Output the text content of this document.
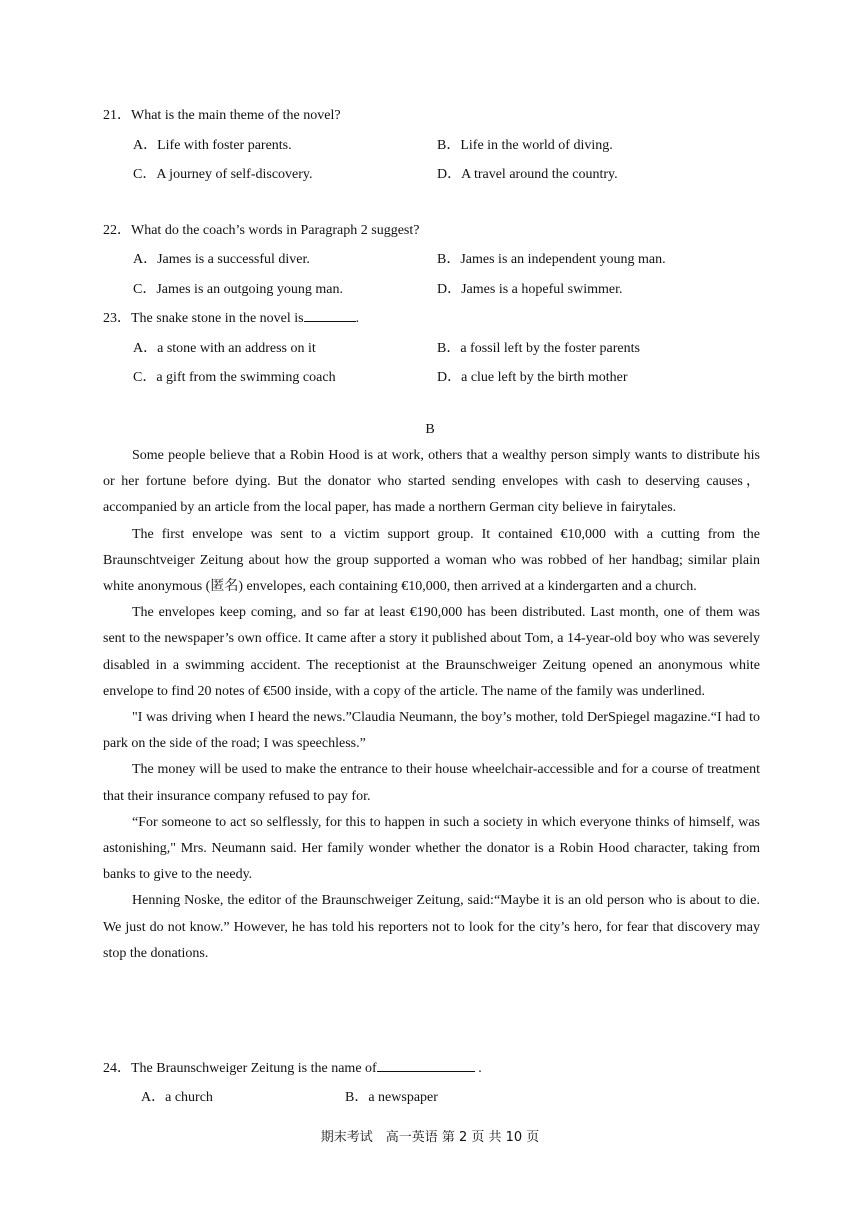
21．What is the main theme of the novel?
A．Life with foster parents.	B．Life in the world of diving.
C．A journey of self-discovery.	D．A travel around the country.
22．What do the coach’s words in Paragraph 2 suggest?
A．James is a successful diver.	B．James is an independent young man.
C．James is an outgoing young man.	D．James is a hopeful swimmer.
23．The snake stone in the novel is	.
A．a stone with an address on it	B．a fossil left by the foster parents
C．a gift from the swimming coach	D．a clue left by the birth mother
B

Some people believe that a Robin Hood is at work, others that a wealthy person simply wants to distribute his or her fortune before dying. But the donator who started sending envelopes with cash to deserving causes，accompanied by an article from the local paper, has made a northern German city believe in fairytales.

The first envelope was sent to a victim support group. It contained €10,000 with a cutting from the Braunschtveiger Zeitung about how the group supported a woman who was robbed of her handbag; similar plain white anonymous (匿名) envelopes, each containing €10,000, then arrived at a kindergarten and a church.

The envelopes keep coming, and so far at least €190,000 has been distributed. Last month, one of them was sent to the newspaper’s own office. It came after a story it published about Tom, a 14-year-old boy who was severely disabled in a swimming accident. The receptionist at the Braunschweiger Zeitung opened an anonymous white envelope to find 20 notes of €500 inside, with a copy of the article. The name of the family was underlined.

"I was driving when I heard the news.”Claudia Neumann, the boy’s mother, told DerSpiegel magazine.“I had to park on the side of the road; I was speechless.”

The money will be used to make the entrance to their house wheelchair-accessible and for a course of treatment that their insurance company refused to pay for.

“For someone to act so selflessly, for this to happen in such a society in which everyone thinks of himself, was astonishing," Mrs. Neumann said. Her family wonder whether the donator is a Robin Hood character, taking from banks to give to the needy.

Henning Noske, the editor of the Braunschweiger Zeitung, said:“Maybe it is an old person who is about to die. We just do not know.” However, he has told his reporters not to look for the city’s hero, for fear that discovery may stop the donations.

24．The Braunschweiger Zeitung is the name of	.
A．a church	B．a newspaper
期末考试　高一英语 第 2 页 共 10 页
